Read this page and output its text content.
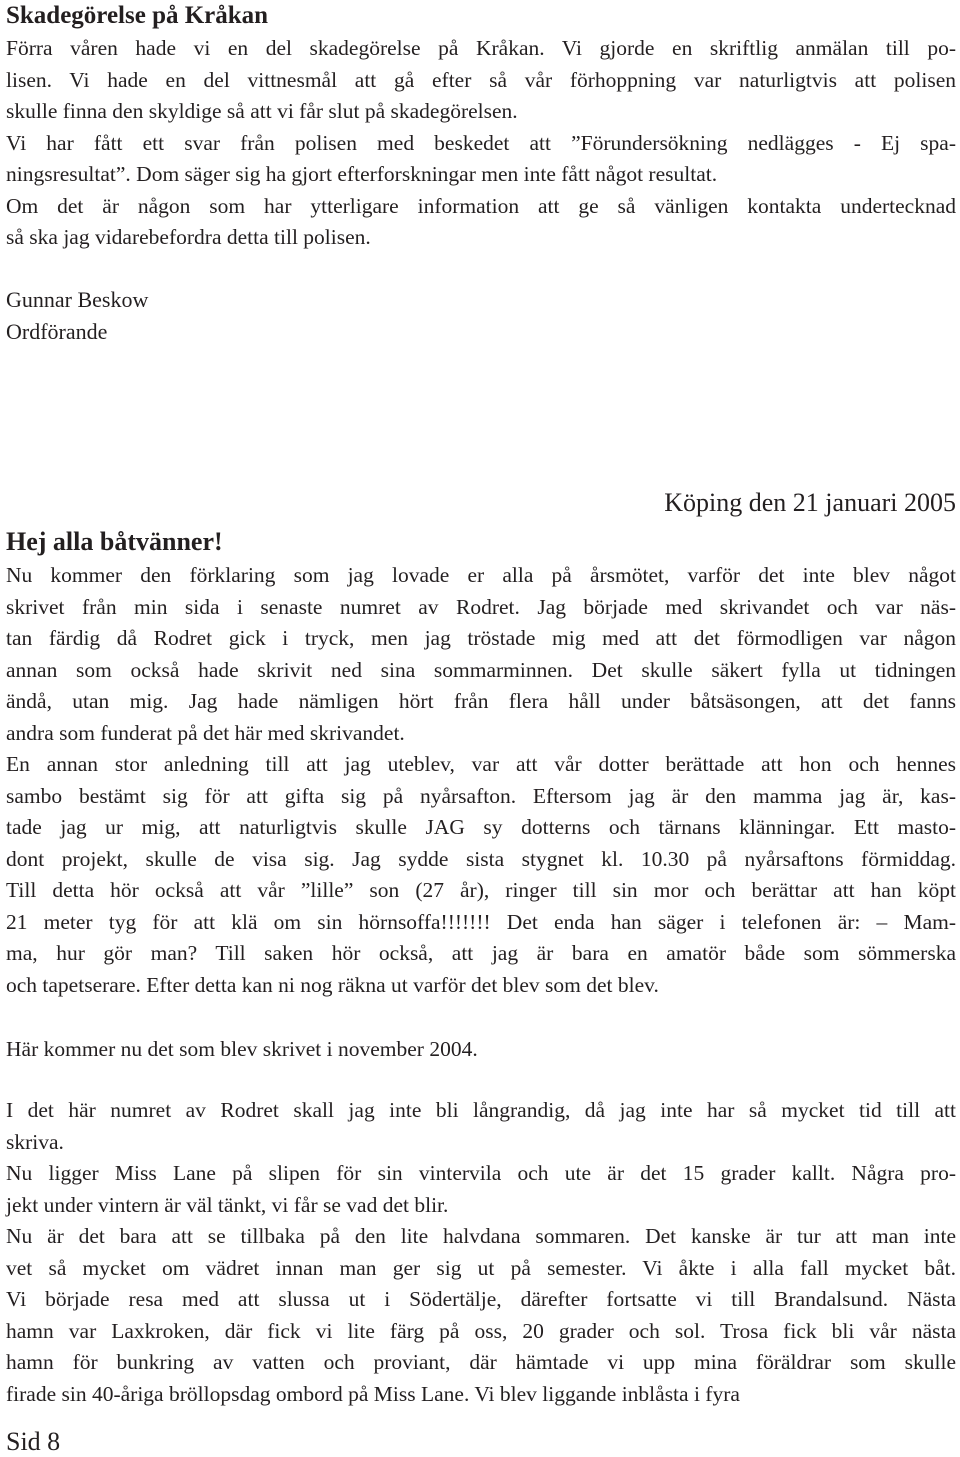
Skadegörelse på Kråkan
Förra våren hade vi en del skadegörelse på Kråkan. Vi gjorde en skriftlig anmälan till po-
lisen. Vi hade en del vittnesmål att gå efter så vår förhoppning var naturligtvis att polisen
skulle finna den skyldige så att vi får slut på skadegörelsen.
Vi har fått ett svar från polisen med beskedet att ”Förundersökning nedlägges - Ej spa-
ningsresultat”. Dom säger sig ha gjort efterforskningar men inte fått något resultat.
Om det är någon som har ytterligare information att ge så vänligen kontakta undertecknad
så ska jag vidarebefordra detta till polisen.
Gunnar Beskow
Ordförande
Köping den 21 januari 2005
Hej alla båtvänner!
Nu kommer den förklaring som jag lovade er alla på årsmötet, varför det inte blev något
skrivet från min sida i senaste numret av Rodret. Jag började med skrivandet och var näs-
tan färdig då Rodret gick i tryck, men jag tröstade mig med att det förmodligen var någon
annan som också hade skrivit ned sina sommarminnen. Det skulle säkert fylla ut tidningen
ändå, utan mig. Jag hade nämligen hört från flera håll under båtsäsongen, att det fanns
andra som funderat på det här med skrivandet.
En annan stor anledning till att jag uteblev, var att vår dotter berättade att hon och hennes
sambo bestämt sig för att gifta sig på nyårsafton. Eftersom jag är den mamma jag är, kas-
tade jag ur mig, att naturligtvis skulle JAG sy dotterns och tärnans klänningar. Ett masto-
dont projekt, skulle de visa sig. Jag sydde sista stygnet kl. 10.30 på nyårsaftons förmiddag.
Till detta hör också att vår ”lille” son (27 år), ringer till sin mor och berättar att han köpt
21 meter tyg för att klä om sin hörnsoffa!!!!!!! Det enda han säger i telefonen är: – Mam-
ma, hur gör man? Till saken hör också, att jag är bara en amatör både som sömmerska
och tapetserare. Efter detta kan ni nog räkna ut varför det blev som det blev.
Här kommer nu det som blev skrivet i november 2004.
I det här numret av Rodret skall jag inte bli långrandig, då jag inte har så mycket tid till att
skriva.
Nu ligger Miss Lane på slipen för sin vintervila och ute är det 15 grader kallt. Några pro-
jekt under vintern är väl tänkt, vi får se vad det blir.
Nu är det bara att se tillbaka på den lite halvdana sommaren. Det kanske är tur att man inte
vet så mycket om vädret innan man ger sig ut på semester. Vi åkte i alla fall mycket båt.
Vi började resa med att slussa ut i Södertälje, därefter fortsatte vi till Brandalsund. Nästa
hamn var Laxkroken, där fick vi lite färg på oss, 20 grader och sol. Trosa fick bli vår nästa
hamn för bunkring av vatten och proviant, där hämtade vi upp mina föräldrar som skulle
firade sin 40-åriga bröllopsdag ombord på Miss Lane. Vi blev liggande inblåsta i fyra
Sid 8
